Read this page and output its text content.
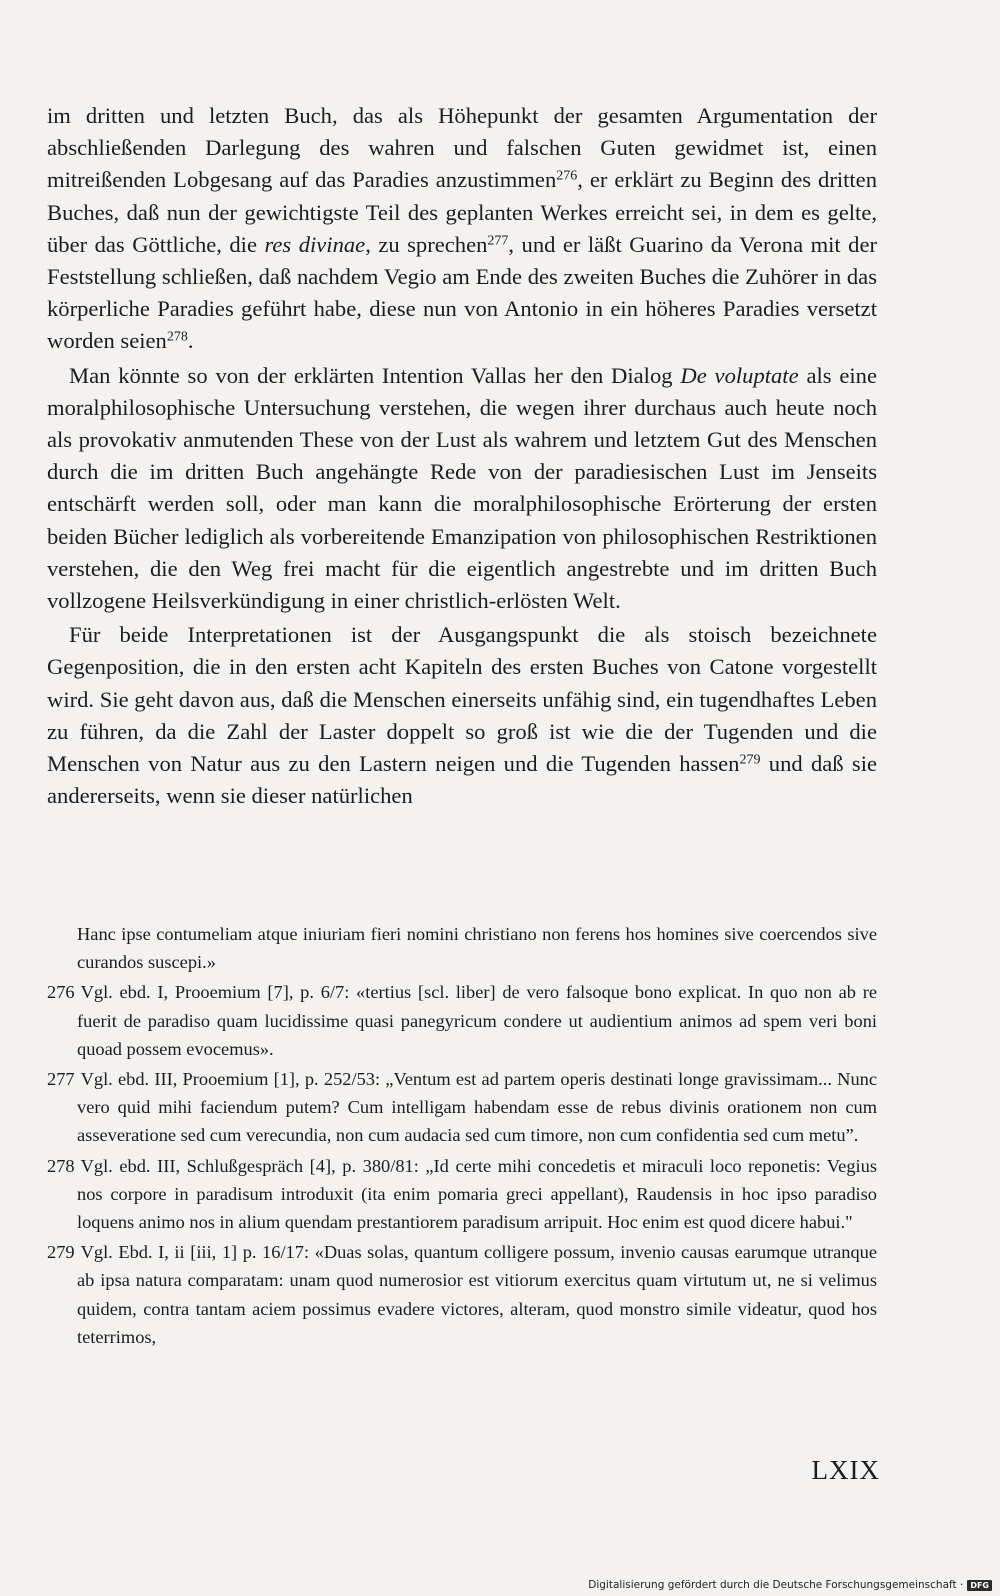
im dritten und letzten Buch, das als Höhepunkt der gesamten Argumentation der abschließenden Darlegung des wahren und falschen Guten gewidmet ist, einen mitreißenden Lobgesang auf das Paradies anzustimmen$^{276}$, er erklärt zu Beginn des dritten Buches, daß nun der gewichtigste Teil des geplanten Werkes erreicht sei, in dem es gelte, über das Göttliche, die res divinae, zu sprechen$^{277}$, und er läßt Guarino da Verona mit der Feststellung schließen, daß nachdem Vegio am Ende des zweiten Buches die Zuhörer in das körperliche Paradies geführt habe, diese nun von Antonio in ein höheres Paradies versetzt worden seien$^{278}$.

Man könnte so von der erklärten Intention Vallas her den Dialog De voluptate als eine moralphilosophische Untersuchung verstehen, die wegen ihrer durchaus auch heute noch als provokativ anmutenden These von der Lust als wahrem und letztem Gut des Menschen durch die im dritten Buch angehängte Rede von der paradiesischen Lust im Jenseits entschärft werden soll, oder man kann die moralphilosophische Erörterung der ersten beiden Bücher lediglich als vorbereitende Emanzipation von philosophischen Restriktionen verstehen, die den Weg frei macht für die eigentlich angestrebte und im dritten Buch vollzogene Heilsverkündigung in einer christlich-erlösten Welt.

Für beide Interpretationen ist der Ausgangspunkt die als stoisch bezeichnete Gegenposition, die in den ersten acht Kapiteln des ersten Buches von Catone vorgestellt wird. Sie geht davon aus, daß die Menschen einerseits unfähig sind, ein tugendhaftes Leben zu führen, da die Zahl der Laster doppelt so groß ist wie die der Tugenden und die Menschen von Natur aus zu den Lastern neigen und die Tugenden hassen$^{279}$ und daß sie andererseits, wenn sie dieser natürlichen

Hanc ipse contumeliam atque iniuriam fieri nomini christiano non ferens hos homines sive coercendos sive curandos suscepi.»

276 Vgl. ebd. I, Prooemium [7], p. 6/7: «tertius [scl. liber] de vero falsoque bono explicat. In quo non ab re fuerit de paradiso quam lucidissime quasi panegyricum condere ut audientium animos ad spem veri boni quoad possem evocemus».

277 Vgl. ebd. III, Prooemium [1], p. 252/53: „Ventum est ad partem operis destinati longe gravissimam... Nunc vero quid mihi faciendum putem? Cum intelligam habendam esse de rebus divinis orationem non cum asseveratione sed cum verecundia, non cum audacia sed cum timore, non cum confidentia sed cum metu”.

278 Vgl. ebd. III, Schlußgespräch [4], p. 380/81: „Id certe mihi concedetis et miraculi loco reponetis: Vegius nos corpore in paradisum introduxit (ita enim pomaria greci appellant), Raudensis in hoc ipso paradiso loquens animo nos in alium quendam prestantiorem paradisum arripuit. Hoc enim est quod dicere habui."

279 Vgl. Ebd. I, ii [iii, 1] p. 16/17: «Duas solas, quantum colligere possum, invenio causas earumque utranque ab ipsa natura comparatam: unam quod numerosior est vitiorum exercitus quam virtutum ut, ne si velimus quidem, contra tantam aciem possimus evadere victores, alteram, quod monstro simile videatur, quod hos teterrimos,

LXIX
Digitalisierung gefördert durch die Deutsche Forschungsgemeinschaft · DFG
